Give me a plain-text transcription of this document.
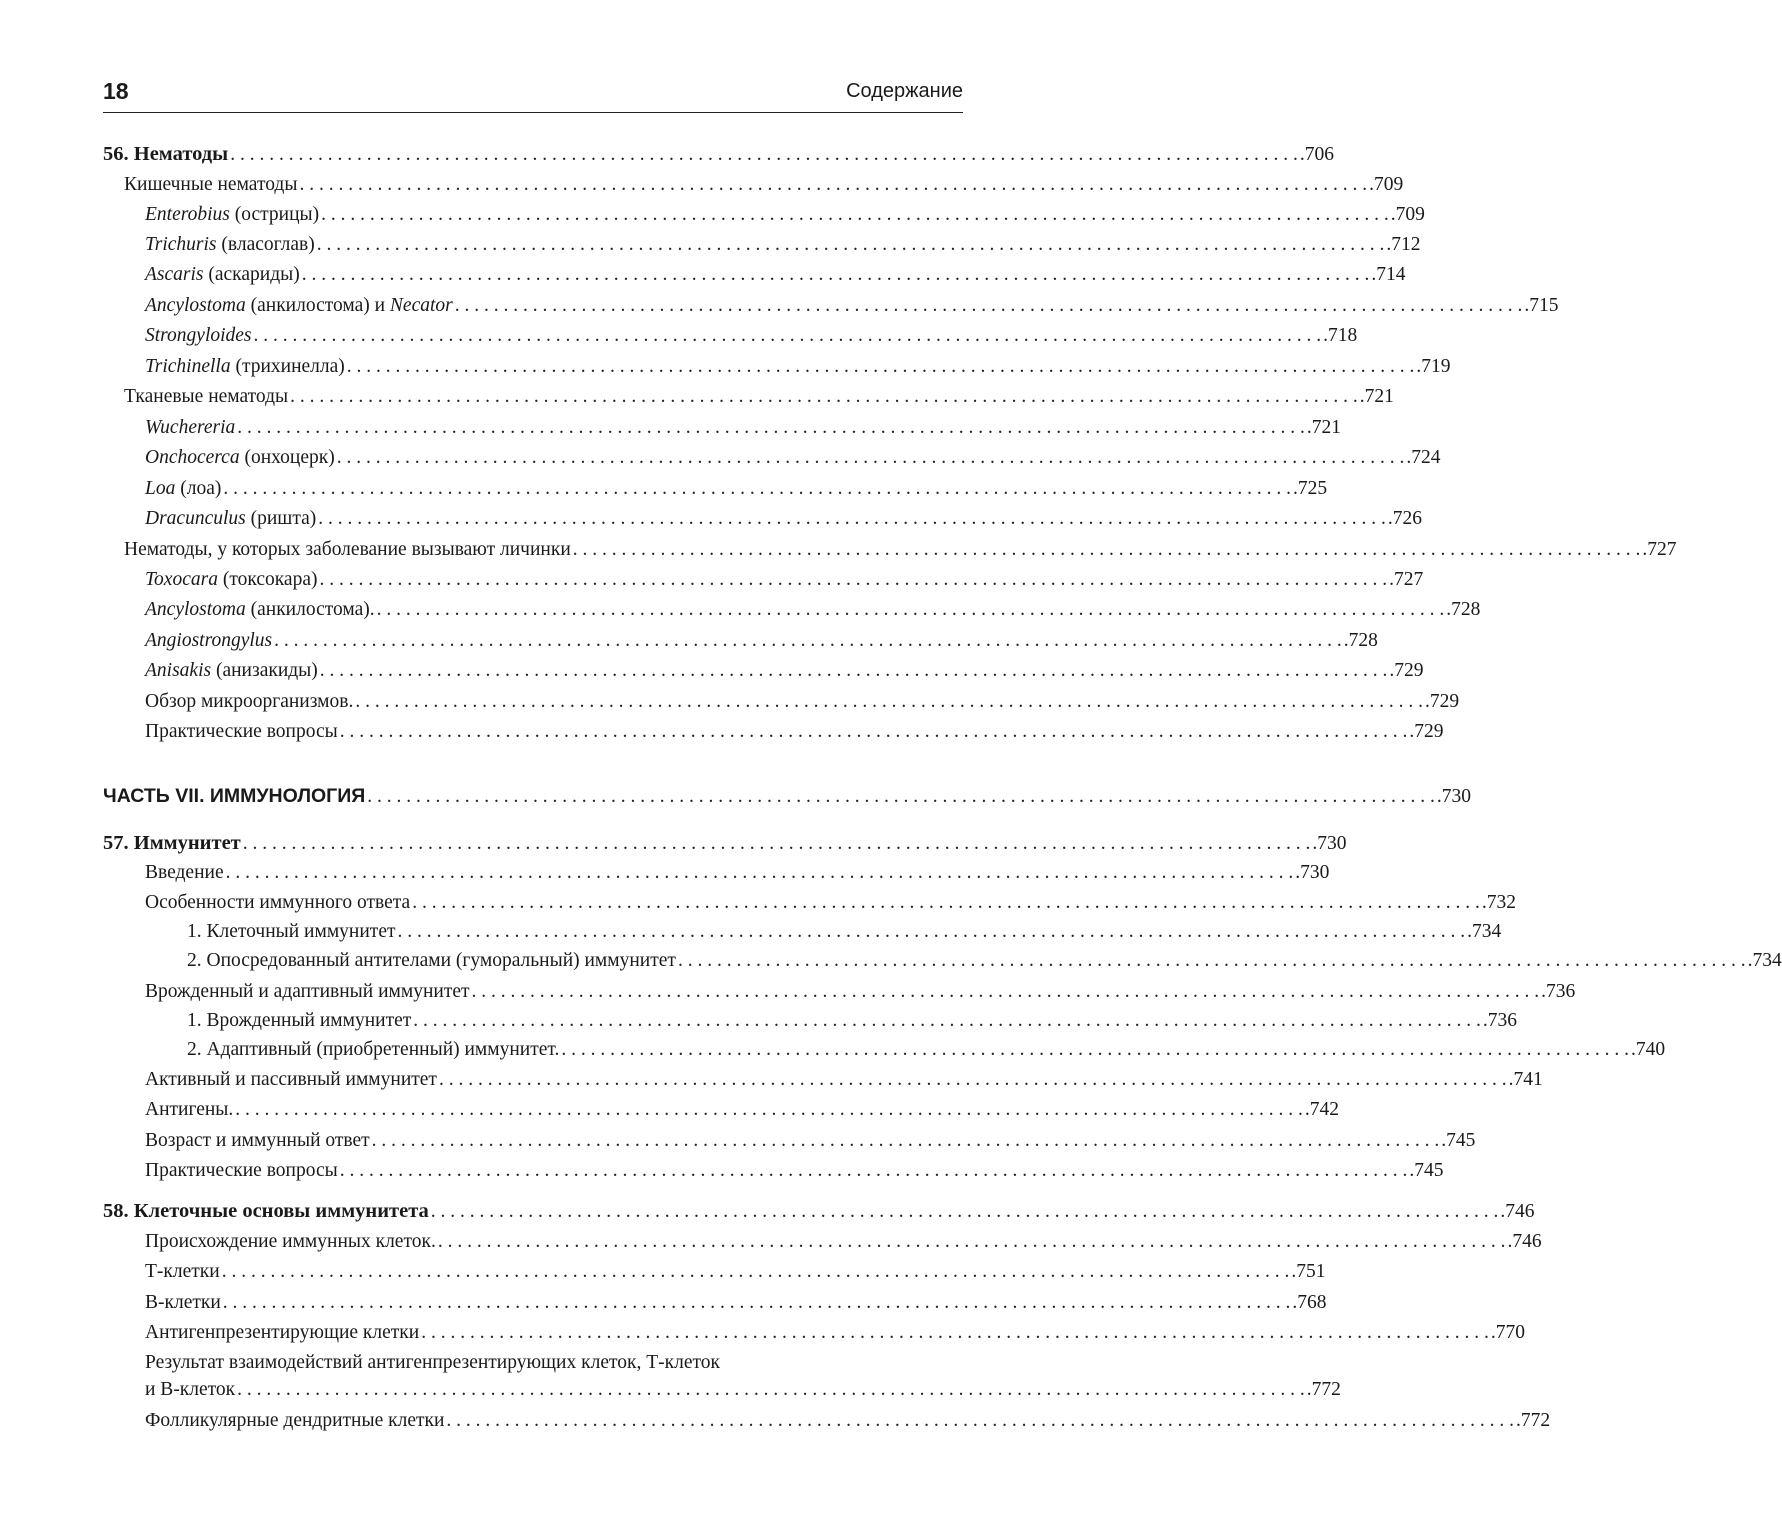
18	Содержание
56. Нематоды . . .	.706
Кишечные нематоды . . .	.709
Enterobius (острицы) . . .	.709
Trichuris (власоглав) . . .	.712
Ascaris (аскариды) . . .	.714
Ancylostoma (анкилостома) и Necator . . .	.715
Strongyloides . . .	.718
Trichinella (трихинелла) . . .	.719
Тканевые нематоды . . .	.721
Wuchereria . . .	.721
Onchocerca (онхоцерк) . . .	.724
Loa (лоа) . . .	.725
Dracunculus (ришта) . . .	.726
Нематоды, у которых заболевание вызывают личинки . . .	.727
Toxocara (токсокара) . . .	.727
Ancylostoma (анкилостома). . . .	.728
Angiostrongylus . . .	.728
Anisakis (анизакиды) . . .	.729
Обзор микроорганизмов. . . .	.729
Практические вопросы . . .	.729
ЧАСТЬ VII. ИММУНОЛОГИЯ . . .	.730
57. Иммунитет . . .	.730
Введение . . .	.730
Особенности иммунного ответа . . .	.732
1. Клеточный иммунитет . . .	.734
2. Опосредованный антителами (гуморальный) иммунитет . . .	.734
Врожденный и адаптивный иммунитет . . .	.736
1. Врожденный иммунитет . . .	.736
2. Адаптивный (приобретенный) иммунитет. . . .	.740
Активный и пассивный иммунитет . . .	.741
Антигены. . . .	.742
Возраст и иммунный ответ . . .	.745
Практические вопросы . . .	.745
58. Клеточные основы иммунитета . . .	.746
Происхождение иммунных клеток. . . .	.746
Т-клетки . . .	.751
В-клетки . . .	.768
Антигенпрезентирующие клетки . . .	.770
Результат взаимодействий антигенпрезентирующих клеток, Т-клеток
и В-клеток . . .	.772
Фолликулярные дендритные клетки . . .	.772
